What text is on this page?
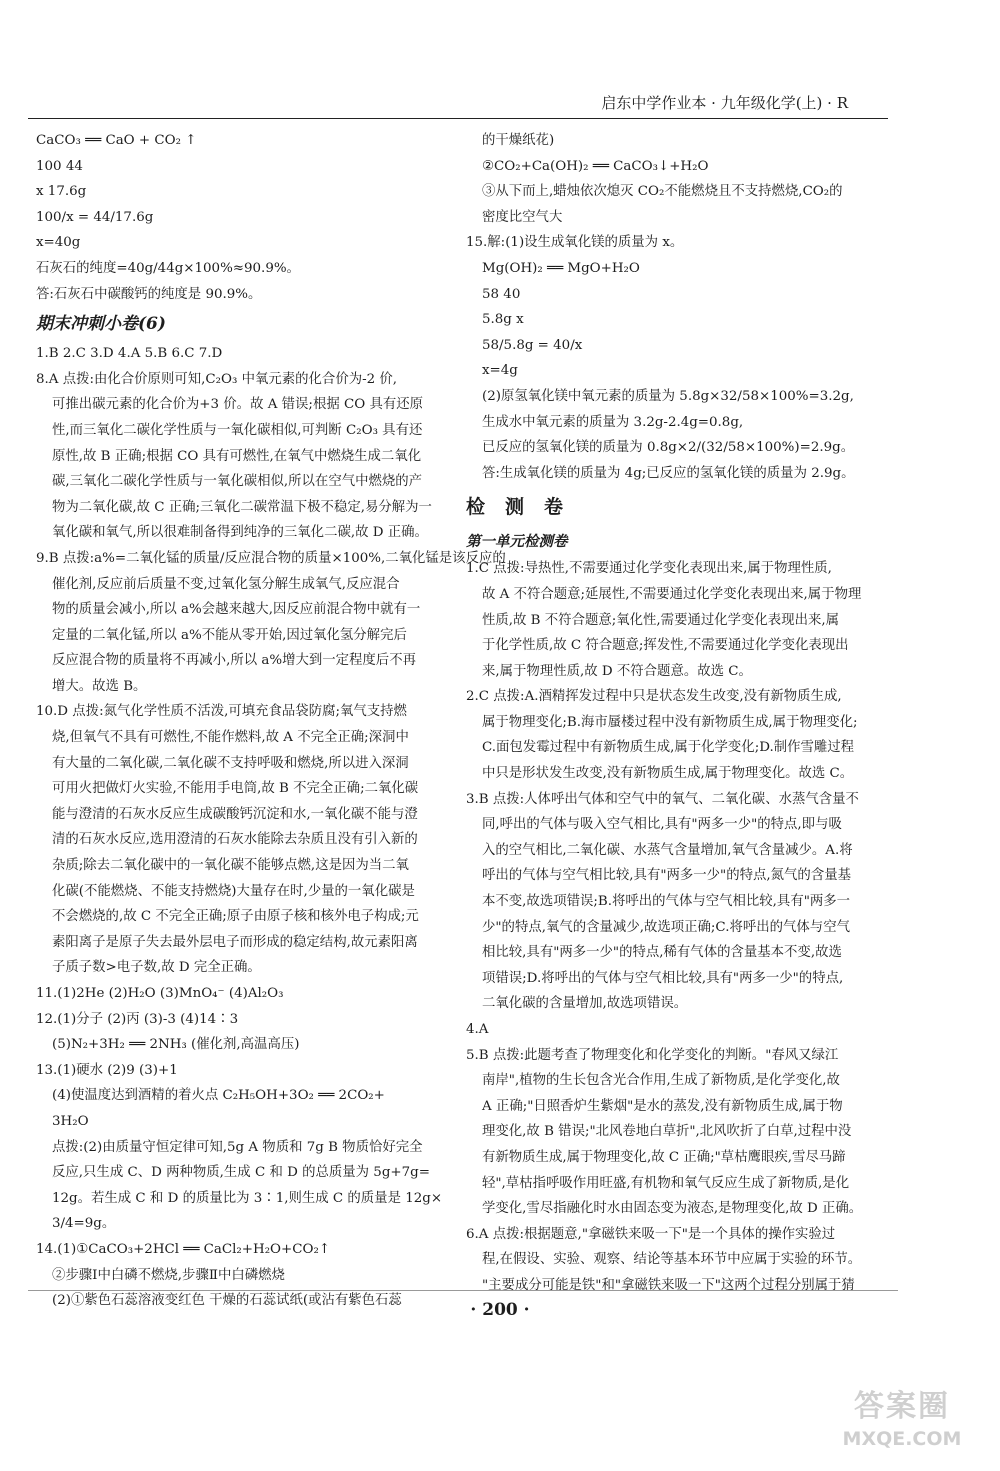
启东中学作业本 · 九年级化学(上) · R
CaCO₃ ══ CaO + CO₂ ↑
100 44
x 17.6g
100/x = 44/17.6g
x=40g
石灰石的纯度=40g/44g×100%≈90.9%。
答:石灰石中碳酸钙的纯度是 90.9%。
期末冲刺小卷(6)
1.B 2.C 3.D 4.A 5.B 6.C 7.D
8.A 点拨:由化合价原则可知,C₂O₃ 中氧元素的化合价为-2 价,
可推出碳元素的化合价为+3 价。故 A 错误;根据 CO 具有还原
性,而三氧化二碳化学性质与一氧化碳相似,可判断 C₂O₃ 具有还
原性,故 B 正确;根据 CO 具有可燃性,在氧气中燃烧生成二氧化
碳,三氧化二碳化学性质与一氧化碳相似,所以在空气中燃烧的产
物为二氧化碳,故 C 正确;三氧化二碳常温下极不稳定,易分解为一
氧化碳和氧气,所以很难制备得到纯净的三氧化二碳,故 D 正确。
9.B 点拨:a%=二氧化锰的质量/反应混合物的质量×100%,二氧化锰是该反应的
催化剂,反应前后质量不变,过氧化氢分解生成氧气,反应混合
物的质量会减小,所以 a%会越来越大,因反应前混合物中就有一
定量的二氧化锰,所以 a%不能从零开始,因过氧化氢分解完后
反应混合物的质量将不再减小,所以 a%增大到一定程度后不再
增大。故选 B。
10.D 点拨:氮气化学性质不活泼,可填充食品袋防腐;氧气支持燃
烧,但氧气不具有可燃性,不能作燃料,故 A 不完全正确;深洞中
有大量的二氧化碳,二氧化碳不支持呼吸和燃烧,所以进入深洞
可用火把做灯火实验,不能用手电筒,故 B 不完全正确;二氧化碳
能与澄清的石灰水反应生成碳酸钙沉淀和水,一氧化碳不能与澄
清的石灰水反应,选用澄清的石灰水能除去杂质且没有引入新的
杂质;除去二氧化碳中的一氧化碳不能够点燃,这是因为当二氧
化碳(不能燃烧、不能支持燃烧)大量存在时,少量的一氧化碳是
不会燃烧的,故 C 不完全正确;原子由原子核和核外电子构成;元
素阳离子是原子失去最外层电子而形成的稳定结构,故元素阳离
子质子数>电子数,故 D 完全正确。
11.(1)2He (2)H₂O (3)MnO₄⁻ (4)Al₂O₃
12.(1)分子 (2)丙 (3)-3 (4)14∶3
(5)N₂+3H₂ ══ 2NH₃ (催化剂,高温高压)
13.(1)硬水 (2)9 (3)+1
(4)使温度达到酒精的着火点 C₂H₅OH+3O₂ ══ 2CO₂+
3H₂O
点拨:(2)由质量守恒定律可知,5g A 物质和 7g B 物质恰好完全
反应,只生成 C、D 两种物质,生成 C 和 D 的总质量为 5g+7g=
12g。若生成 C 和 D 的质量比为 3∶1,则生成 C 的质量是 12g×
3/4=9g。
14.(1)①CaCO₃+2HCl ══ CaCl₂+H₂O+CO₂↑
②步骤Ⅰ中白磷不燃烧,步骤Ⅱ中白磷燃烧
(2)①紫色石蕊溶液变红色 干燥的石蕊试纸(或沾有紫色石蕊
的干燥纸花)
②CO₂+Ca(OH)₂ ══ CaCO₃↓+H₂O
③从下而上,蜡烛依次熄灭 CO₂不能燃烧且不支持燃烧,CO₂的
密度比空气大
15.解:(1)设生成氧化镁的质量为 x。
Mg(OH)₂ ══ MgO+H₂O
58 40
5.8g x
58/5.8g = 40/x
x=4g
(2)原氢氧化镁中氧元素的质量为 5.8g×32/58×100%=3.2g,
生成水中氧元素的质量为 3.2g-2.4g=0.8g,
已反应的氢氧化镁的质量为 0.8g×2/(32/58×100%)=2.9g。
答:生成氧化镁的质量为 4g;已反应的氢氧化镁的质量为 2.9g。
检测卷
第一单元检测卷
1.C 点拨:导热性,不需要通过化学变化表现出来,属于物理性质,
故 A 不符合题意;延展性,不需要通过化学变化表现出来,属于物理
性质,故 B 不符合题意;氧化性,需要通过化学变化表现出来,属
于化学性质,故 C 符合题意;挥发性,不需要通过化学变化表现出
来,属于物理性质,故 D 不符合题意。故选 C。
2.C 点拨:A.酒精挥发过程中只是状态发生改变,没有新物质生成,
属于物理变化;B.海市蜃楼过程中没有新物质生成,属于物理变化;
C.面包发霉过程中有新物质生成,属于化学变化;D.制作雪雕过程
中只是形状发生改变,没有新物质生成,属于物理变化。故选 C。
3.B 点拨:人体呼出气体和空气中的氧气、二氧化碳、水蒸气含量不
同,呼出的气体与吸入空气相比,具有"两多一少"的特点,即与吸
入的空气相比,二氧化碳、水蒸气含量增加,氧气含量减少。A.将
呼出的气体与空气相比较,具有"两多一少"的特点,氮气的含量基
本不变,故选项错误;B.将呼出的气体与空气相比较,具有"两多一
少"的特点,氧气的含量减少,故选项正确;C.将呼出的气体与空气
相比较,具有"两多一少"的特点,稀有气体的含量基本不变,故选
项错误;D.将呼出的气体与空气相比较,具有"两多一少"的特点,
二氧化碳的含量增加,故选项错误。
4.A
5.B 点拨:此题考查了物理变化和化学变化的判断。"春风又绿江
南岸",植物的生长包含光合作用,生成了新物质,是化学变化,故
A 正确;"日照香炉生紫烟"是水的蒸发,没有新物质生成,属于物
理变化,故 B 错误;"北风卷地白草折",北风吹折了白草,过程中没
有新物质生成,属于物理变化,故 C 正确;"草枯鹰眼疾,雪尽马蹄
轻",草枯指呼吸作用旺盛,有机物和氧气反应生成了新物质,是化
学变化,雪尽指融化时水由固态变为液态,是物理变化,故 D 正确。
6.A 点拨:根据题意,"拿磁铁来吸一下"是一个具体的操作实验过
程,在假设、实验、观察、结论等基本环节中应属于实验的环节。
"主要成分可能是铁"和"拿磁铁来吸一下"这两个过程分别属于猜
· 200 ·
答案圈
MXQE.COM
